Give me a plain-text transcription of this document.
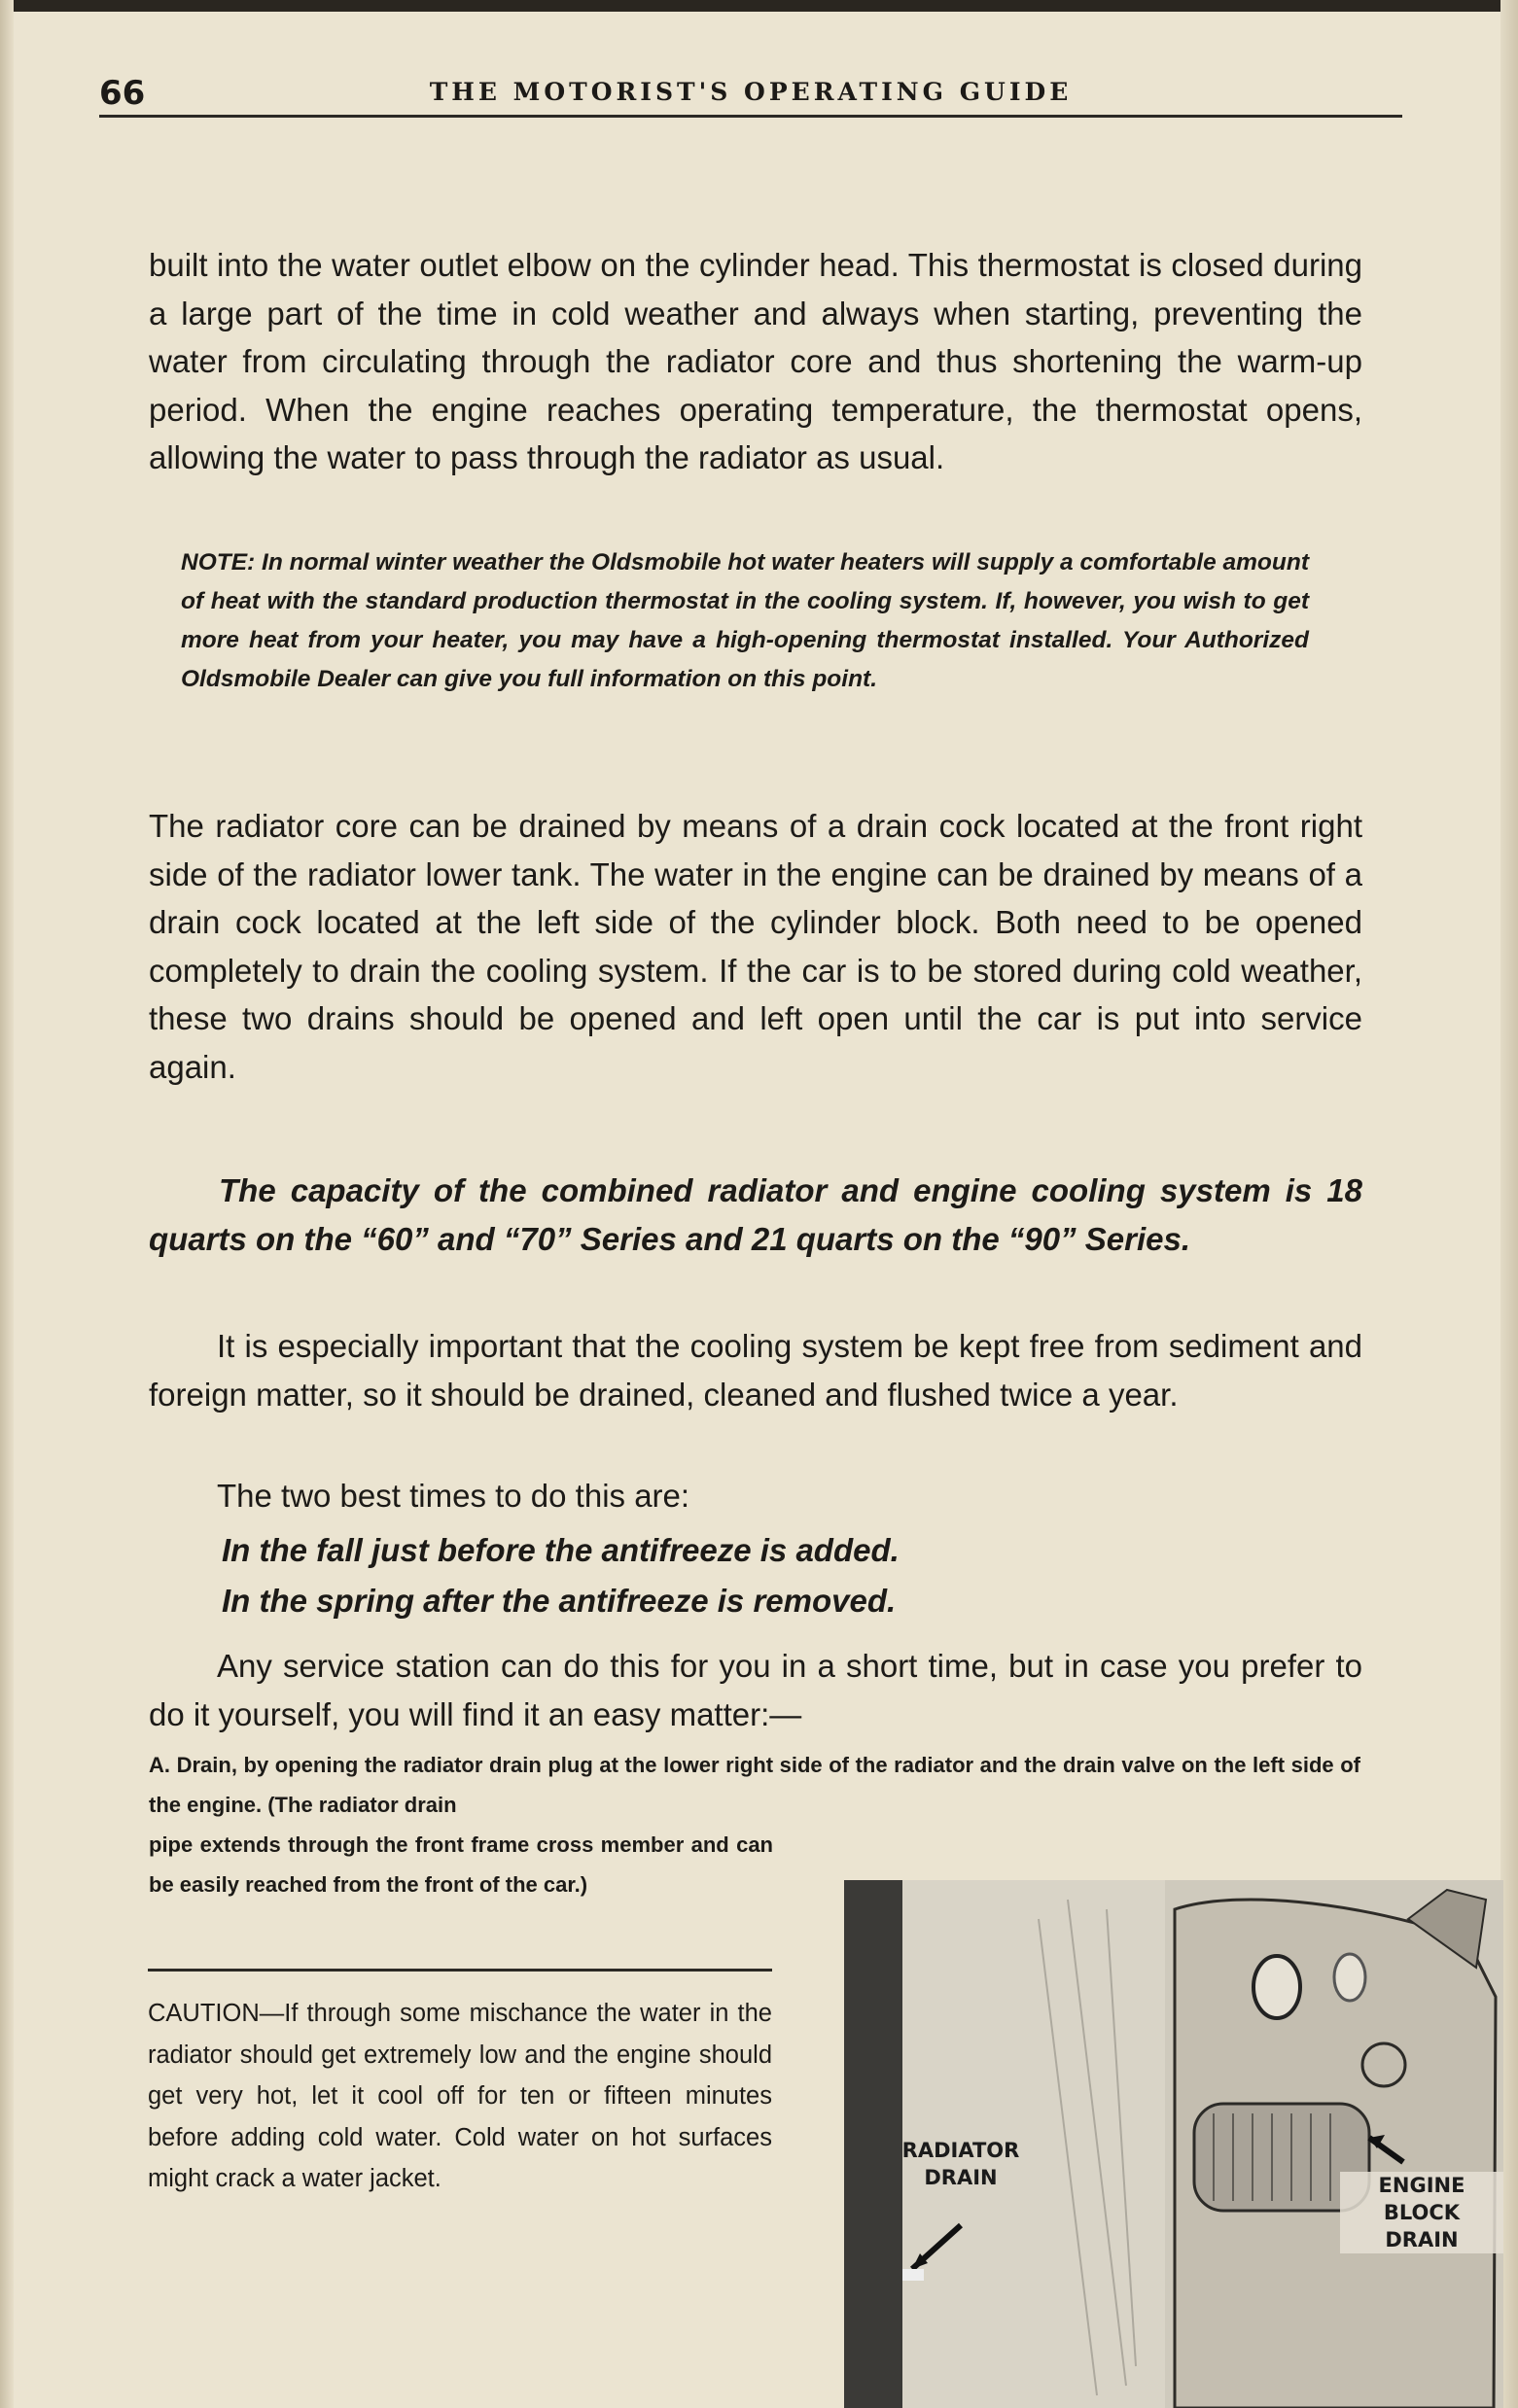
66	THE MOTORIST'S OPERATING GUIDE

built into the water outlet elbow on the cylinder head. This thermostat is closed during a large part of the time in cold weather and always when starting, preventing the water from circulating through the radiator core and thus shortening the warm-up period. When the engine reaches operating temperature, the thermostat opens, allowing the water to pass through the radiator as usual.

NOTE: In normal winter weather the Oldsmobile hot water heaters will supply a comfortable amount of heat with the standard production thermostat in the cooling system. If, however, you wish to get more heat from your heater, you may have a high-opening thermostat installed. Your Authorized Oldsmobile Dealer can give you full information on this point.

The radiator core can be drained by means of a drain cock located at the front right side of the radiator lower tank. The water in the engine can be drained by means of a drain cock located at the left side of the cylinder block. Both need to be opened completely to drain the cooling system. If the car is to be stored during cold weather, these two drains should be opened and left open until the car is put into service again.

The capacity of the combined radiator and engine cooling system is 18 quarts on the “60” and “70” Series and 21 quarts on the “90” Series.

It is especially important that the cooling system be kept free from sediment and foreign matter, so it should be drained, cleaned and flushed twice a year.

The two best times to do this are:

In the fall just before the antifreeze is added.

In the spring after the antifreeze is removed.

Any service station can do this for you in a short time, but in case you prefer to do it yourself, you will find it an easy matter:—

A. Drain, by opening the radiator drain plug at the lower right side of the radiator and the drain valve on the left side of the engine. (The radiator drain

pipe extends through the front frame cross member and can be easily reached from the front of the car.)

CAUTION—If through some mischance the water in the radiator should get extremely low and the engine should get very hot, let it cool off for ten or fifteen minutes before adding cold water. Cold water on hot surfaces might crack a water jacket.

RADIATOR
DRAIN	ENGINE BLOCK
DRAIN
